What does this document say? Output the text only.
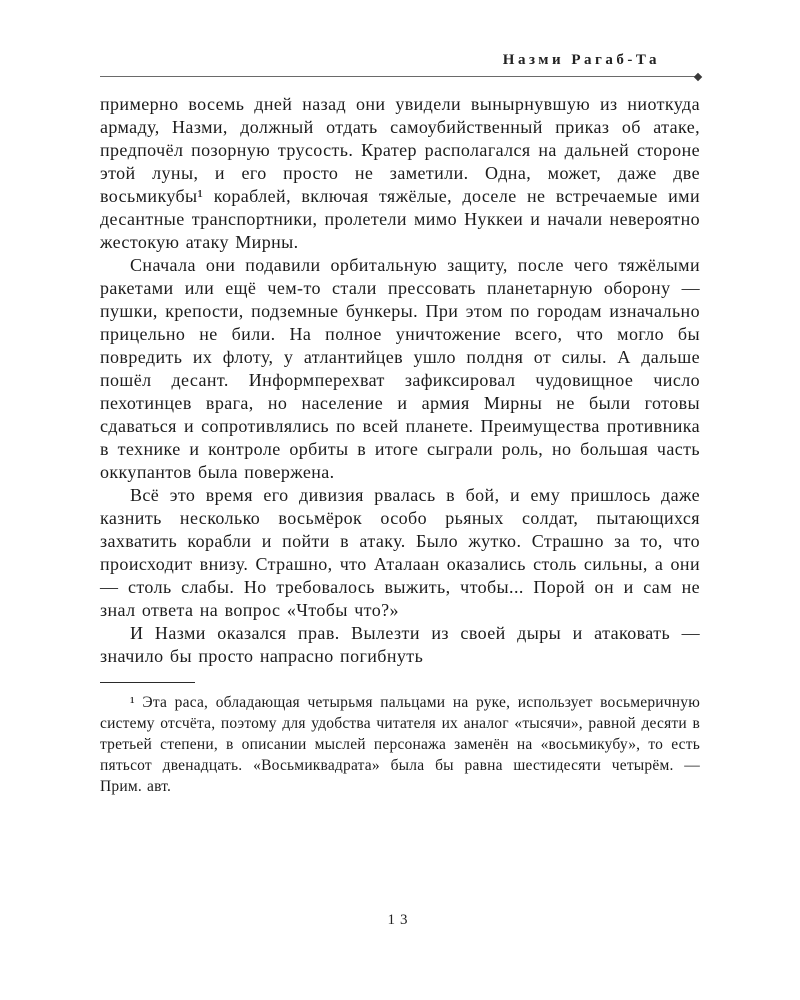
Назми Рагаб-Та

примерно восемь дней назад они увидели вынырнувшую из ниоткуда армаду, Назми, должный отдать самоубийственный приказ об атаке, предпочёл позорную трусость. Кратер располагался на дальней стороне этой луны, и его просто не заметили. Одна, может, даже две восьмикубы¹ кораблей, включая тяжёлые, доселе не встречаемые ими десантные транспортники, пролетели мимо Нуккеи и начали невероятно жестокую атаку Мирны.

Сначала они подавили орбитальную защиту, после чего тяжёлыми ракетами или ещё чем-то стали прессовать планетарную оборону — пушки, крепости, подземные бункеры. При этом по городам изначально прицельно не били. На полное уничтожение всего, что могло бы повредить их флоту, у атлантийцев ушло полдня от силы. А дальше пошёл десант. Информперехват зафиксировал чудовищное число пехотинцев врага, но население и армия Мирны не были готовы сдаваться и сопротивлялись по всей планете. Преимущества противника в технике и контроле орбиты в итоге сыграли роль, но большая часть оккупантов была повержена.

Всё это время его дивизия рвалась в бой, и ему пришлось даже казнить несколько восьмёрок особо рьяных солдат, пытающихся захватить корабли и пойти в атаку. Было жутко. Страшно за то, что происходит внизу. Страшно, что Аталаан оказались столь сильны, а они — столь слабы. Но требовалось выжить, чтобы... Порой он и сам не знал ответа на вопрос «Чтобы что?»

И Назми оказался прав. Вылезти из своей дыры и атаковать — значило бы просто напрасно погибнуть

¹ Эта раса, обладающая четырьмя пальцами на руке, использует восьмеричную систему отсчёта, поэтому для удобства читателя их аналог «тысячи», равной десяти в третьей степени, в описании мыслей персонажа заменён на «восьмикубу», то есть пятьсот двенадцать. «Восьмиквадрата» была бы равна шестидесяти четырём. — Прим. авт.

13
